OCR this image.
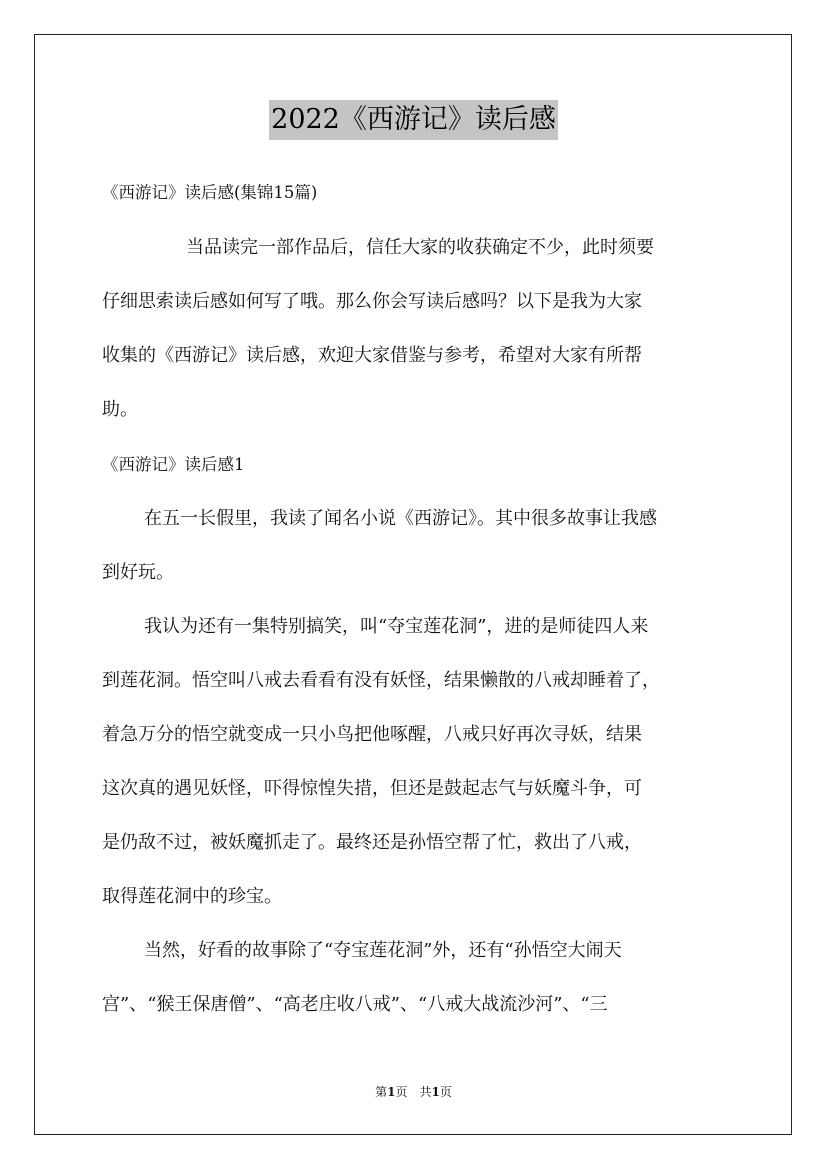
2022《西游记》读后感
《西游记》读后感(集锦15篇)
当品读完一部作品后，信任大家的收获确定不少，此时须要
仔细思索读后感如何写了哦。那么你会写读后感吗？以下是我为大家
收集的《西游记》读后感，欢迎大家借鉴与参考，希望对大家有所帮
助。
《西游记》读后感1
在五一长假里，我读了闻名小说《西游记》。其中很多故事让我感
到好玩。
我认为还有一集特别搞笑，叫“夺宝莲花洞”，进的是师徒四人来
到莲花洞。悟空叫八戒去看看有没有妖怪，结果懒散的八戒却睡着了，
着急万分的悟空就变成一只小鸟把他啄醒，八戒只好再次寻妖，结果
这次真的遇见妖怪，吓得惊惶失措，但还是鼓起志气与妖魔斗争，可
是仍敌不过，被妖魔抓走了。最终还是孙悟空帮了忙，救出了八戒，
取得莲花洞中的珍宝。
当然，好看的故事除了“夺宝莲花洞”外，还有“孙悟空大闹天
宫”、“猴王保唐僧”、“高老庄收八戒”、“八戒大战流沙河”、“三
第1页　共1页
